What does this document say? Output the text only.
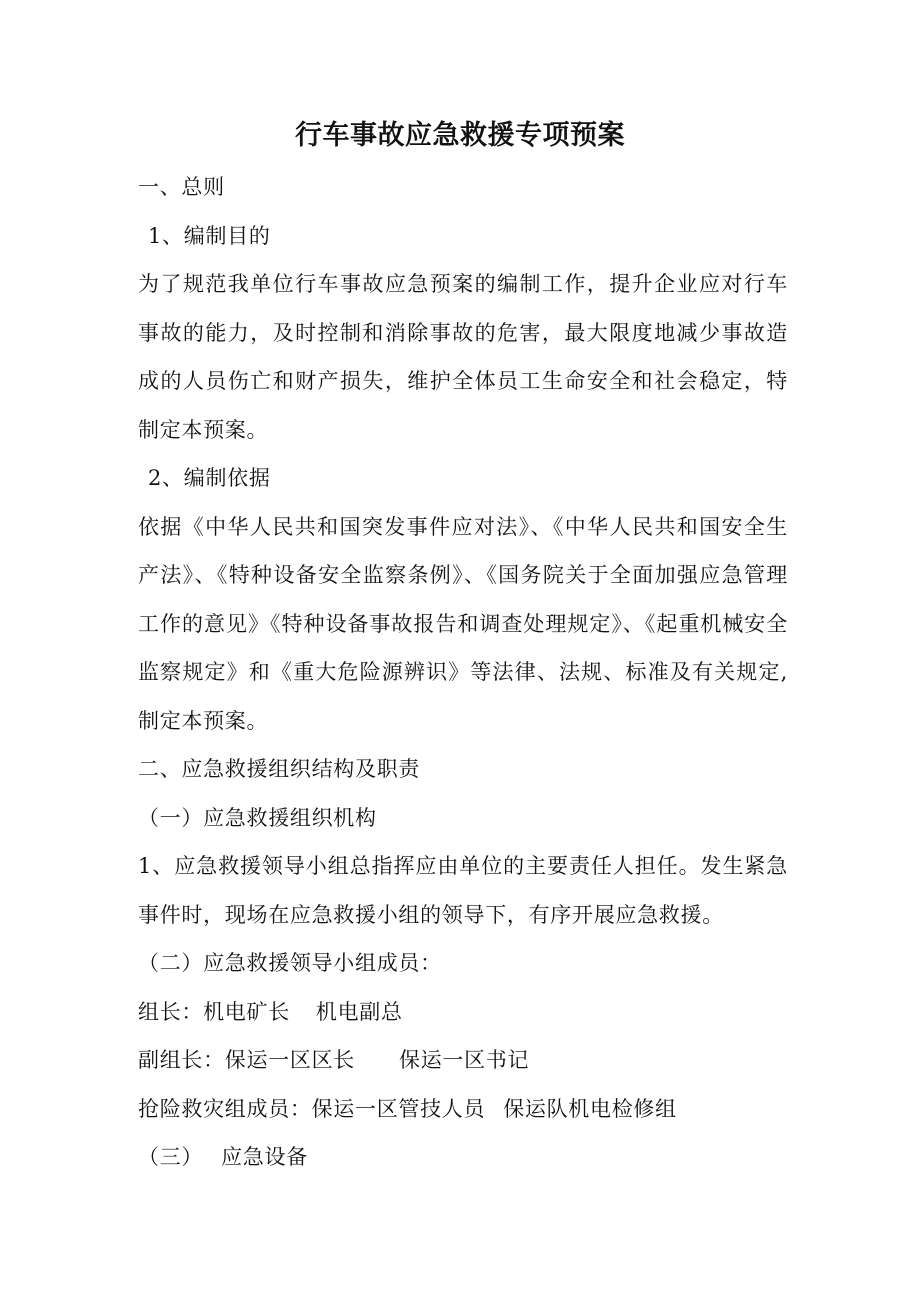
行车事故应急救援专项预案

一、总则

1、编制目的

为了规范我单位行车事故应急预案的编制工作，提升企业应对行车事故的能力，及时控制和消除事故的危害，最大限度地减少事故造成的人员伤亡和财产损失，维护全体员工生命安全和社会稳定，特制定本预案。

2、编制依据

依据《中华人民共和国突发事件应对法》、《中华人民共和国安全生产法》、《特种设备安全监察条例》、《国务院关于全面加强应急管理工作的意见》《特种设备事故报告和调查处理规定》、《起重机械安全监察规定》和《重大危险源辨识》等法律、法规、标准及有关规定,制定本预案。

二、应急救援组织结构及职责

（一）应急救援组织机构

1、应急救援领导小组总指挥应由单位的主要责任人担任。发生紧急事件时，现场在应急救援小组的领导下，有序开展应急救援。

（二）应急救援领导小组成员：

组长：机电矿长 机电副总

副组长：保运一区区长 保运一区书记

抢险救灾组成员：保运一区管技人员 保运队机电检修组

（三） 应急设备
